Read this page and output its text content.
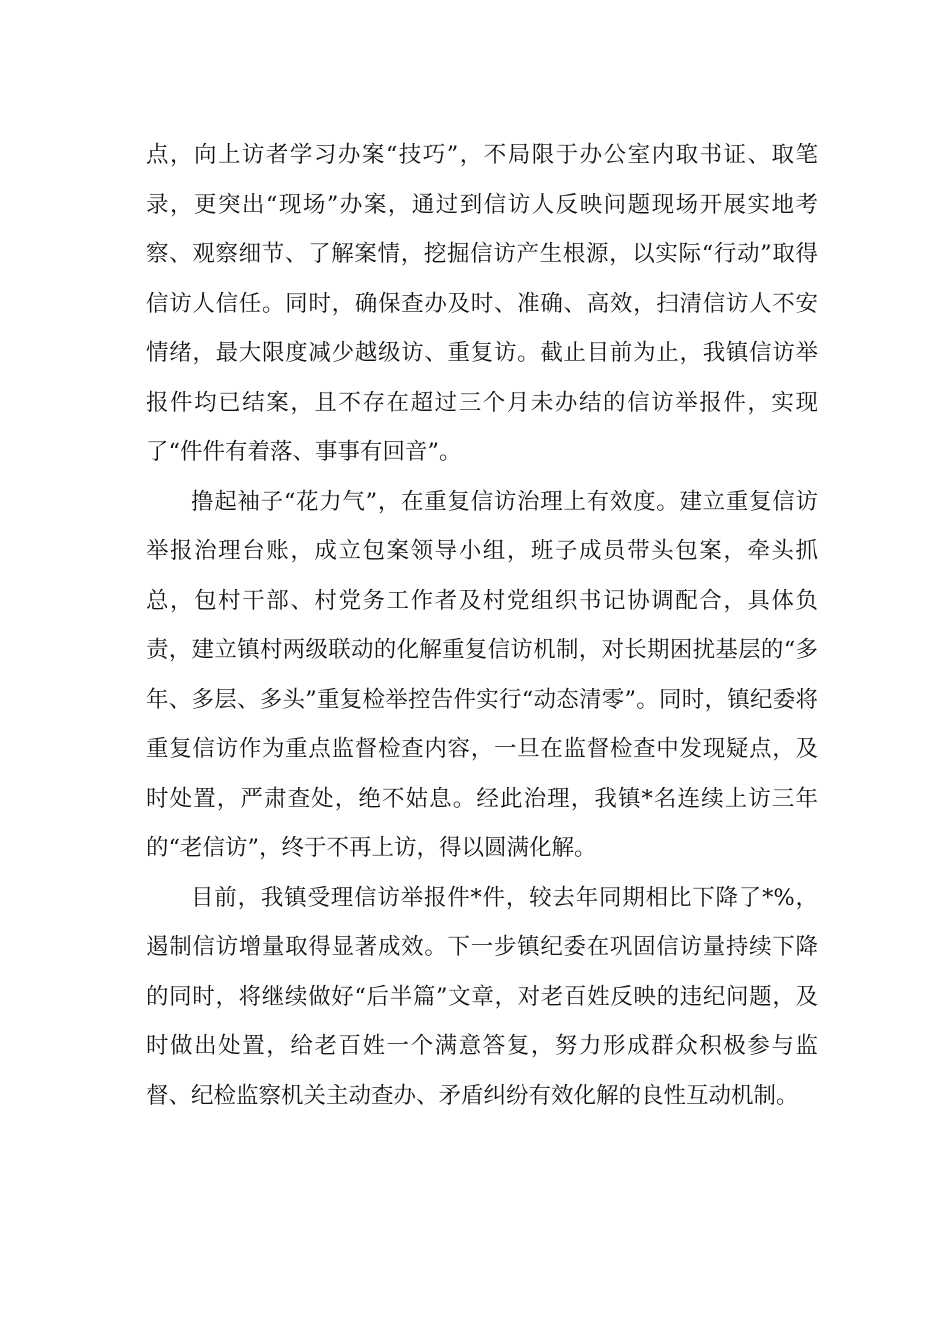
点，向上访者学习办案“技巧”，不局限于办公室内取书证、取笔录，更突出“现场”办案，通过到信访人反映问题现场开展实地考察、观察细节、了解案情，挖掘信访产生根源，以实际“行动”取得信访人信任。同时，确保查办及时、准确、高效，扫清信访人不安情绪，最大限度减少越级访、重复访。截止目前为止，我镇信访举报件均已结案，且不存在超过三个月未办结的信访举报件，实现了“件件有着落、事事有回音”。

撸起袖子“花力气”，在重复信访治理上有效度。建立重复信访举报治理台账，成立包案领导小组，班子成员带头包案，牵头抓总，包村干部、村党务工作者及村党组织书记协调配合，具体负责，建立镇村两级联动的化解重复信访机制，对长期困扰基层的“多年、多层、多头”重复检举控告件实行“动态清零”。同时，镇纪委将重复信访作为重点监督检查内容，一旦在监督检查中发现疑点，及时处置，严肃查处，绝不姑息。经此治理，我镇*名连续上访三年的“老信访”，终于不再上访，得以圆满化解。

目前，我镇受理信访举报件*件，较去年同期相比下降了*%，遏制信访增量取得显著成效。下一步镇纪委在巩固信访量持续下降的同时，将继续做好“后半篇”文章，对老百姓反映的违纪问题，及时做出处置，给老百姓一个满意答复，努力形成群众积极参与监督、纪检监察机关主动查办、矛盾纠纷有效化解的良性互动机制。
